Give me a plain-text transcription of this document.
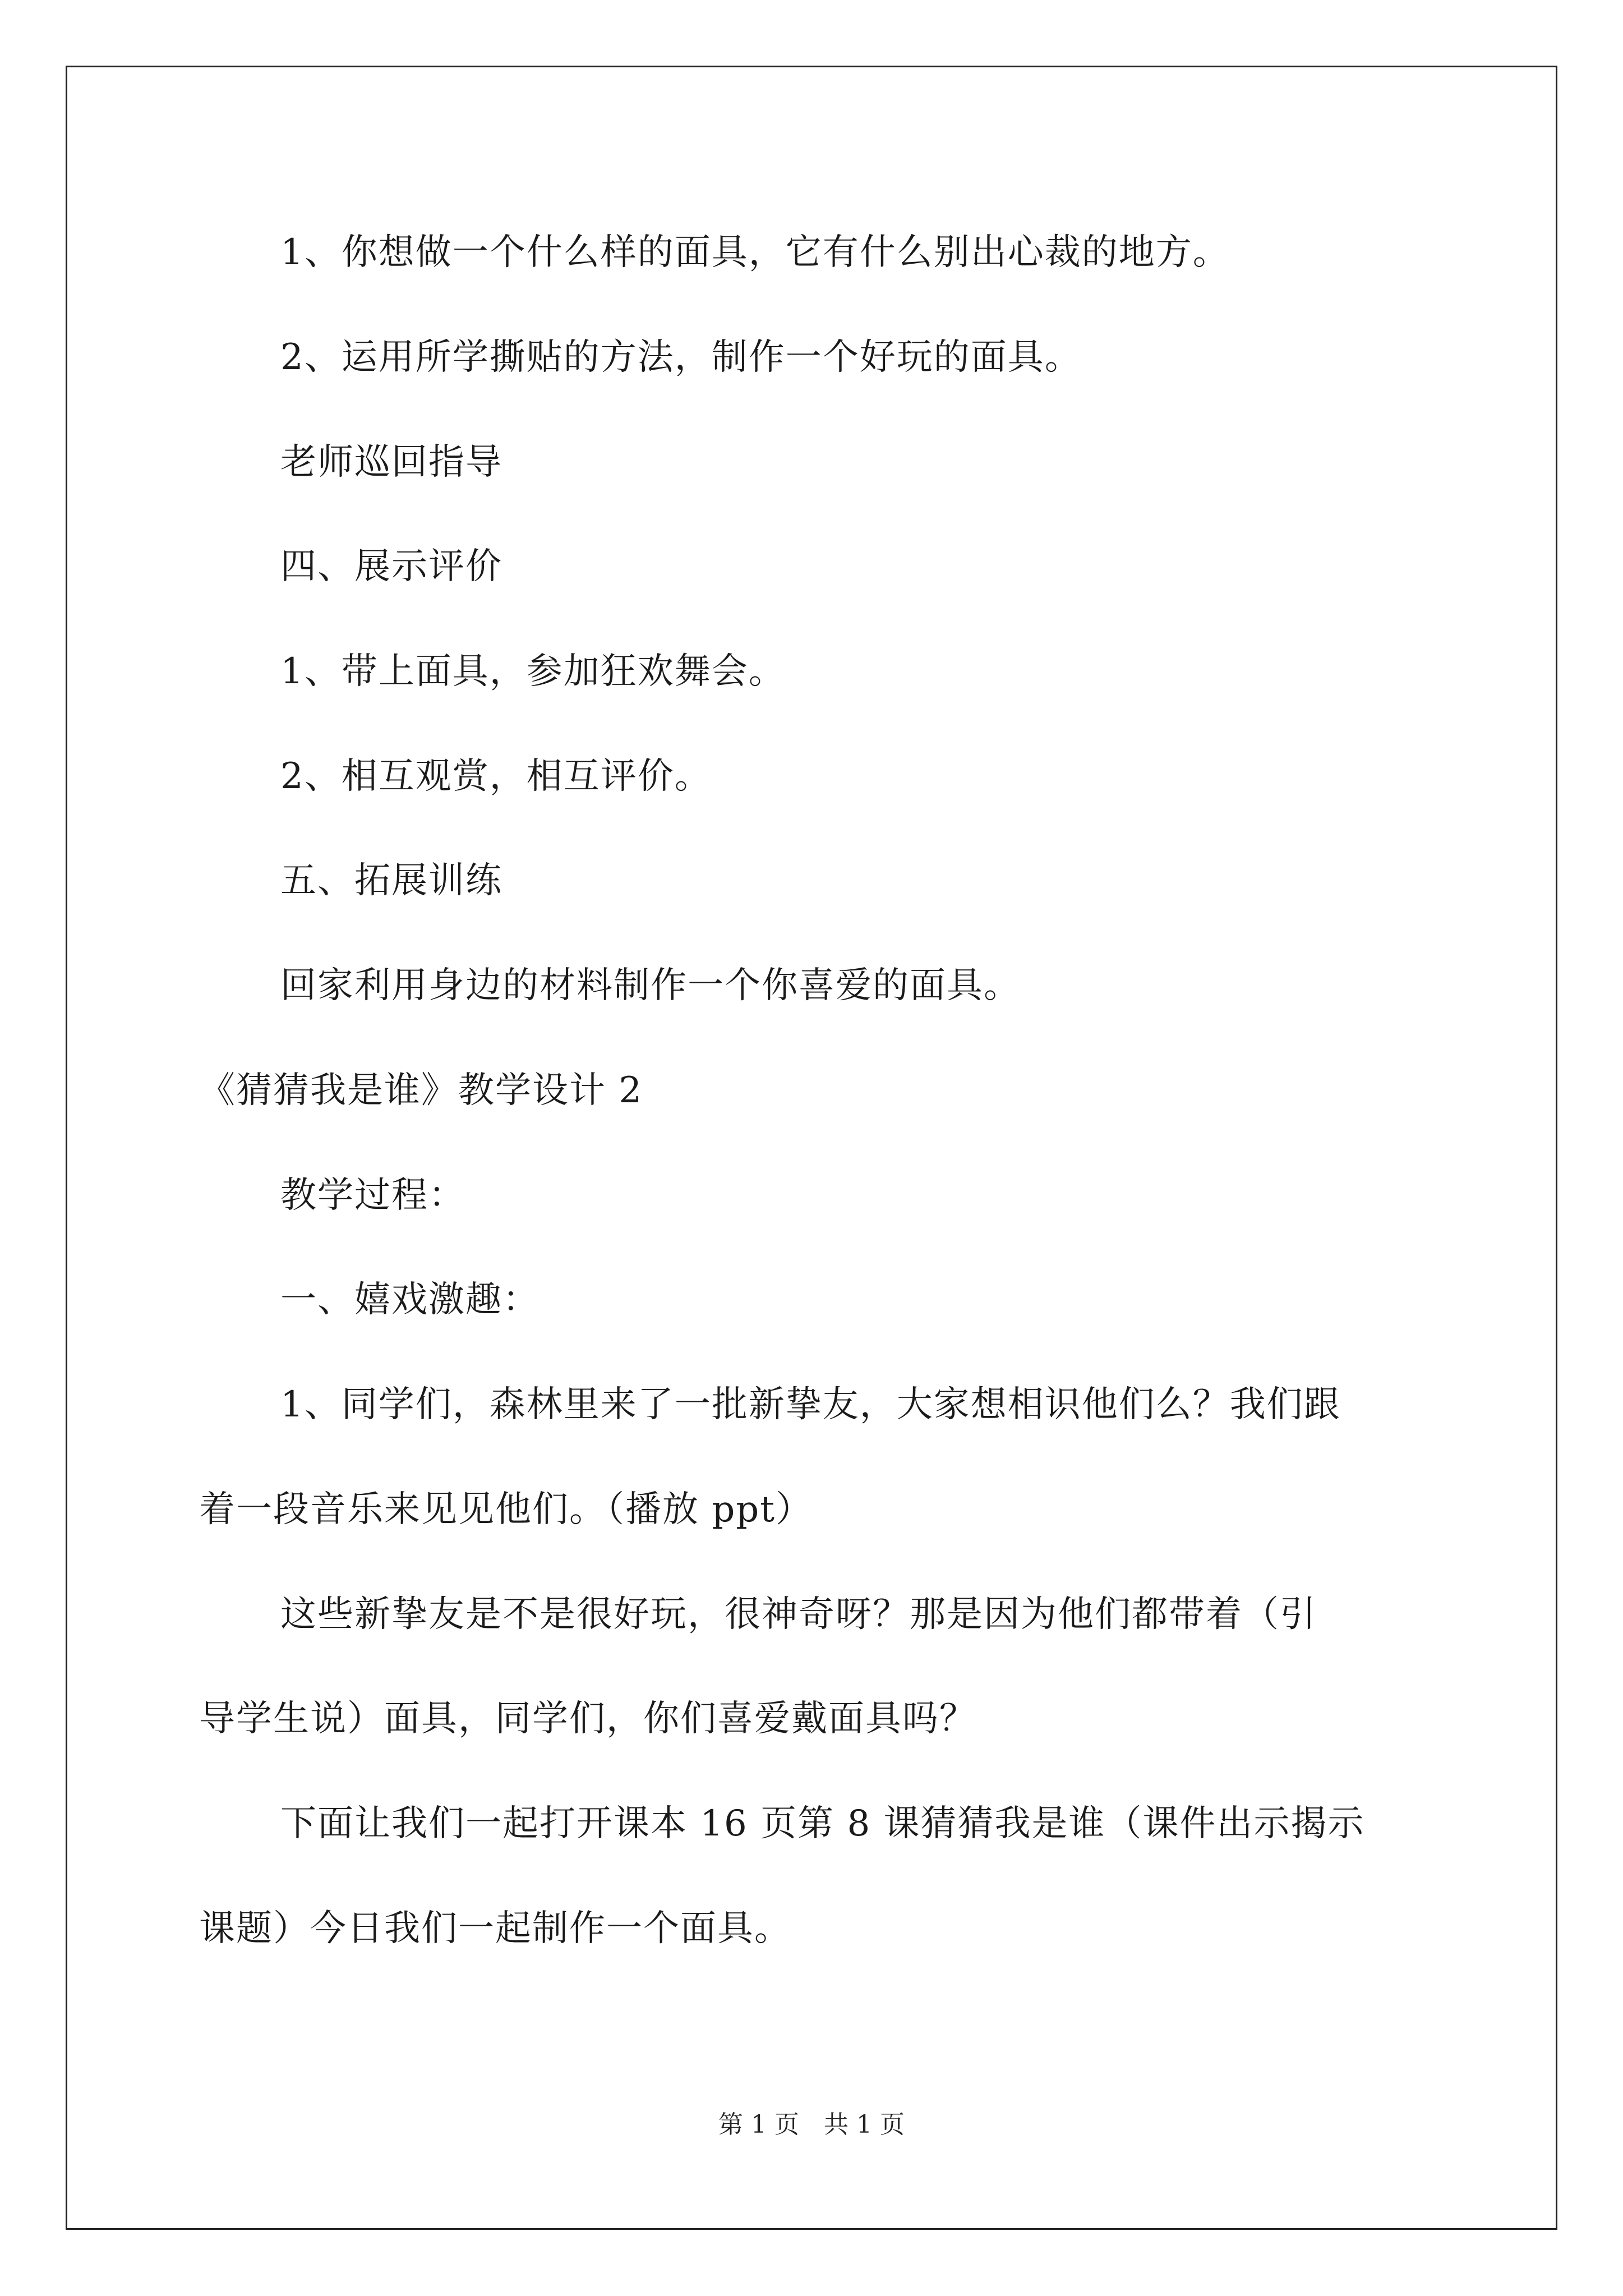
1、你想做一个什么样的面具，它有什么别出心裁的地方。
2、运用所学撕贴的方法，制作一个好玩的面具。
老师巡回指导
四、展示评价
1、带上面具，参加狂欢舞会。
2、相互观赏，相互评价。
五、拓展训练
回家利用身边的材料制作一个你喜爱的面具。
《猜猜我是谁》教学设计 2
教学过程：
一、嬉戏激趣：
1、同学们，森林里来了一批新挚友，大家想相识他们么？我们跟
着一段音乐来见见他们。（播放 ppt）
这些新挚友是不是很好玩，很神奇呀？那是因为他们都带着（引
导学生说）面具，同学们，你们喜爱戴面具吗？
下面让我们一起打开课本 16 页第 8 课猜猜我是谁（课件出示揭示
课题）今日我们一起制作一个面具。
第 1 页　共 1 页
